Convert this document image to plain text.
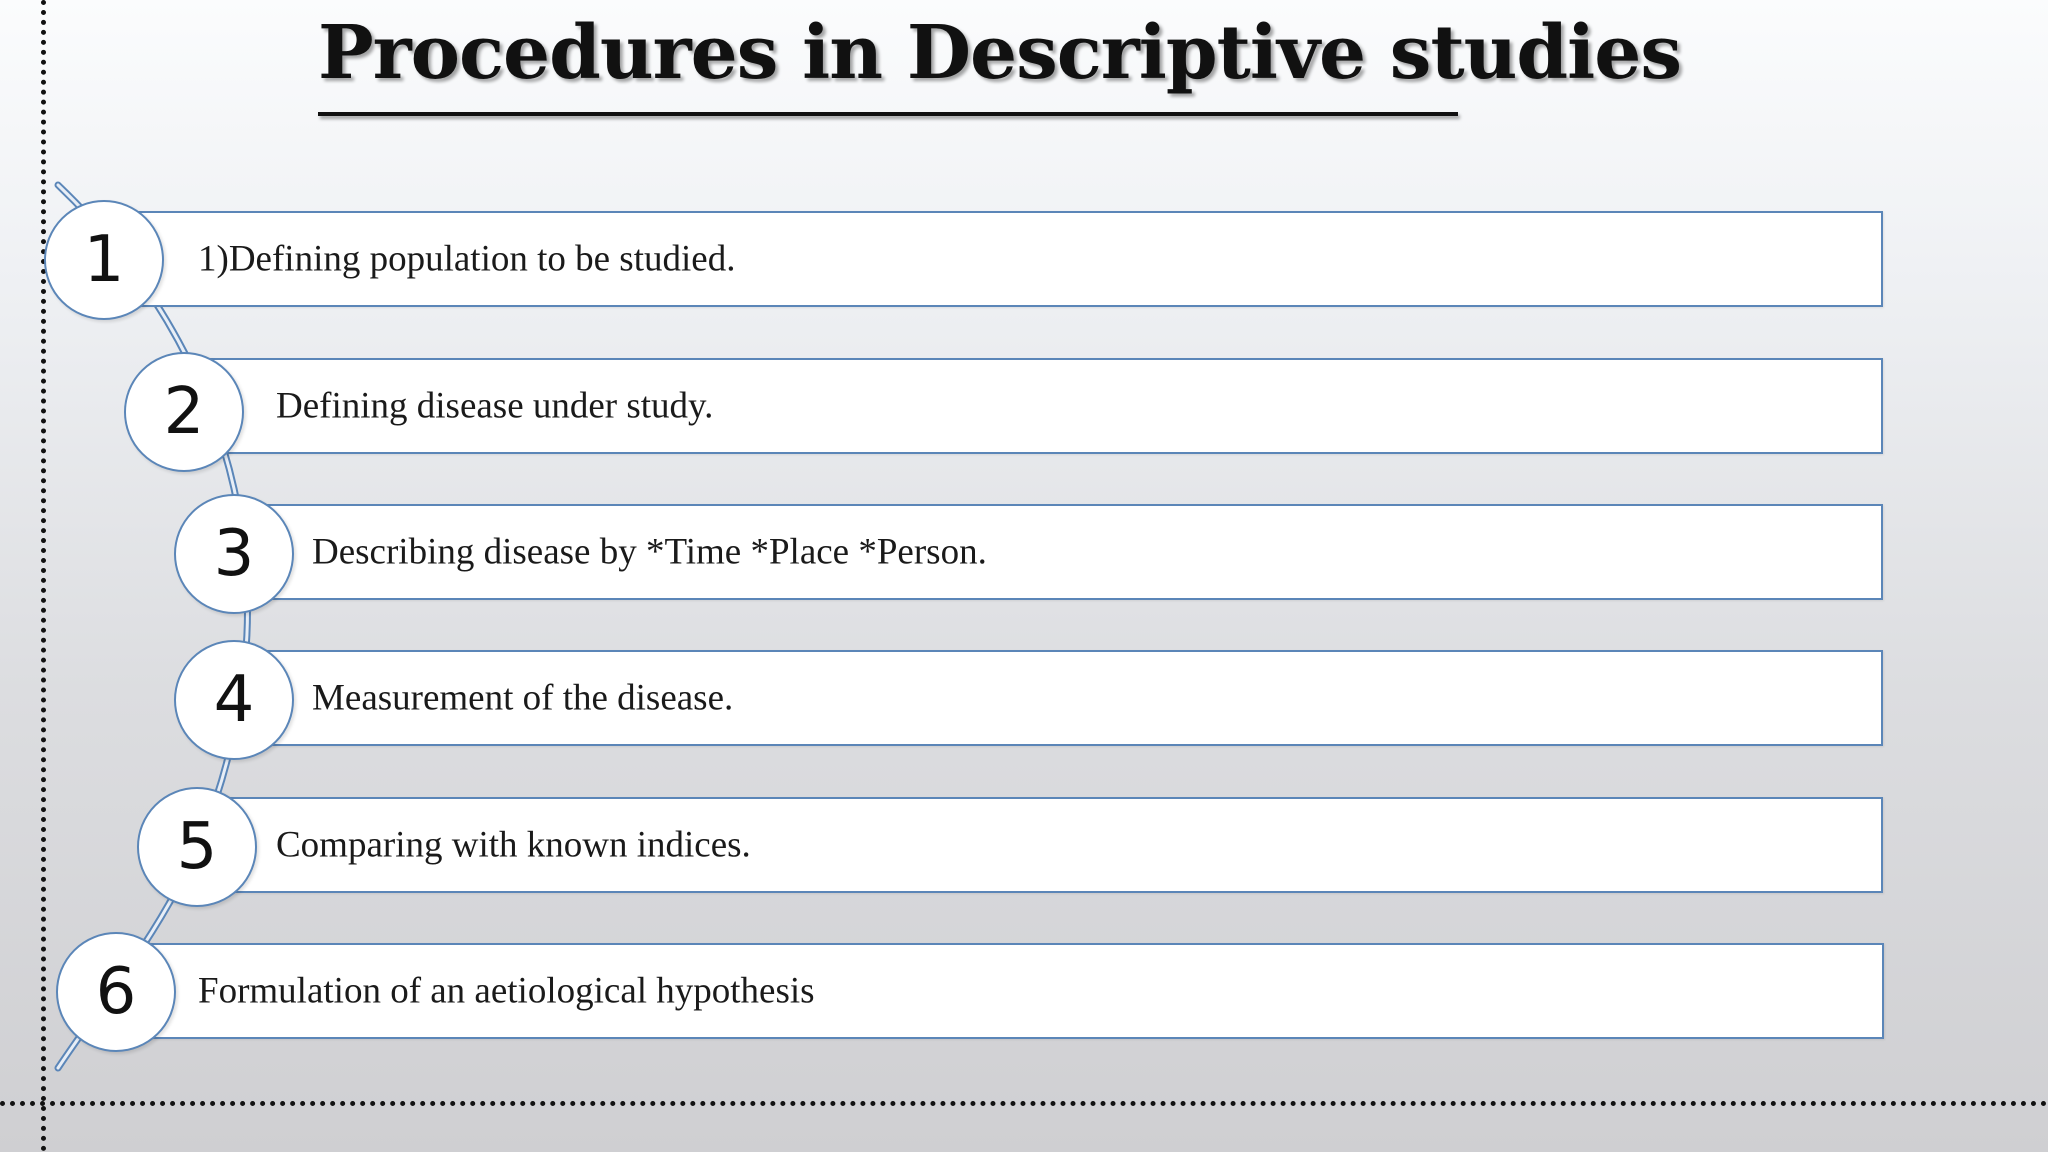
Procedures in Descriptive studies
1)Defining population to be studied.
1
Defining disease under study.
2
Describing disease by *Time *Place *Person.
3
Measurement of the disease.
4
Comparing with known indices.
5
Formulation of an aetiological hypothesis
6
